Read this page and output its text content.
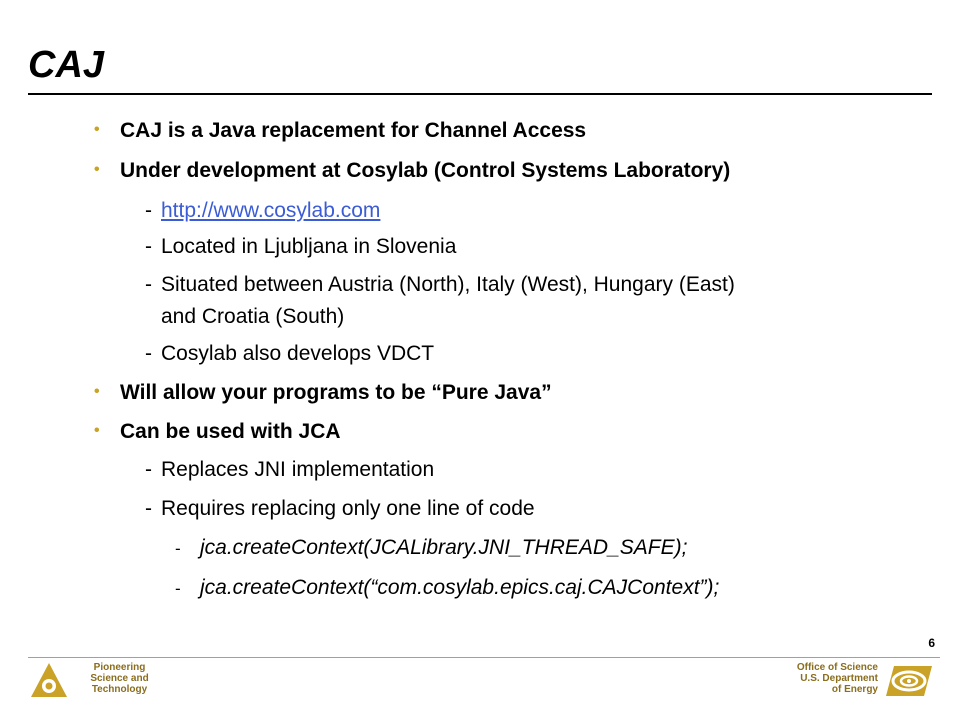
CAJ
• CAJ is a Java replacement for Channel Access
• Under development at Cosylab (Control Systems Laboratory)
- http://www.cosylab.com
- Located in Ljubljana in Slovenia
- Situated between Austria (North), Italy (West), Hungary (East)
and Croatia (South)
- Cosylab also develops VDCT
• Will allow your programs to be “Pure Java”
• Can be used with JCA
- Replaces JNI implementation
- Requires replacing only one line of code
- jca.createContext(JCALibrary.JNI_THREAD_SAFE);
- jca.createContext(“com.cosylab.epics.caj.CAJContext”);
6
Pioneering
Science and
Technology
Office of Science
U.S. Department
of Energy
